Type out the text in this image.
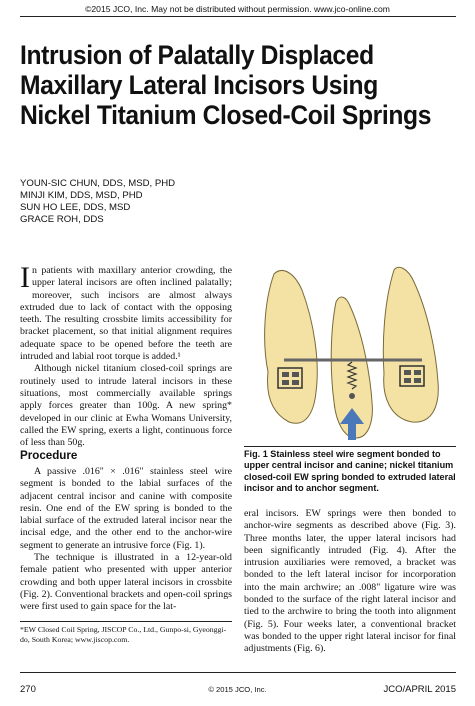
©2015 JCO, Inc. May not be distributed without permission. www.jco-online.com
Intrusion of Palatally Displaced
Maxillary Lateral Incisors Using
Nickel Titanium Closed-Coil Springs
YOUN-SIC CHUN, DDS, MSD, PHD
MINJI KIM, DDS, MSD, PHD
SUN HO LEE, DDS, MSD
GRACE ROH, DDS

In patients with maxillary anterior crowding, the upper lateral incisors are often inclined palatally; moreover, such incisors are almost always extruded due to lack of contact with the opposing teeth. The resulting crossbite limits accessibility for bracket placement, so that initial alignment requires adequate space to be opened before the teeth are intruded and labial root torque is added.¹

Although nickel titanium closed-coil springs are routinely used to intrude lateral incisors in these situations, most commercially available springs apply forces greater than 100g. A new spring* developed in our clinic at Ewha Womans University, called the EW spring, exerts a light, continuous force of less than 50g.

Procedure

A passive .016" × .016" stainless steel wire segment is bonded to the labial surfaces of the adjacent central incisor and canine with composite resin. One end of the EW spring is bonded to the labial surface of the extruded lateral incisor near the incisal edge, and the other end to the anchor-wire segment to generate an intrusive force (Fig. 1).

The technique is illustrated in a 12-year-old female patient who presented with upper anterior crowding and both upper lateral incisors in crossbite (Fig. 2). Conventional brackets and open-coil springs were first used to gain space for the lat-

*EW Closed Coil Spring, JISCOP Co., Ltd., Gunpo-si, Gyeonggi-do, South Korea; www.jiscop.com.
Fig. 1 Stainless steel wire segment bonded to upper central incisor and canine; nickel titanium closed-coil EW spring bonded to extruded lateral incisor and to anchor segment.
eral incisors. EW springs were then bonded to anchor-wire segments as described above (Fig. 3). Three months later, the upper lateral incisors had been significantly intruded (Fig. 4). After the intrusion auxiliaries were removed, a bracket was bonded to the left lateral incisor for incorporation into the main archwire; an .008" ligature wire was bonded to the surface of the right lateral incisor and tied to the archwire to bring the tooth into alignment (Fig. 5). Four weeks later, a conventional bracket was bonded to the upper right lateral incisor for final adjustments (Fig. 6).
270	© 2015 JCO, Inc.	JCO/APRIL 2015
